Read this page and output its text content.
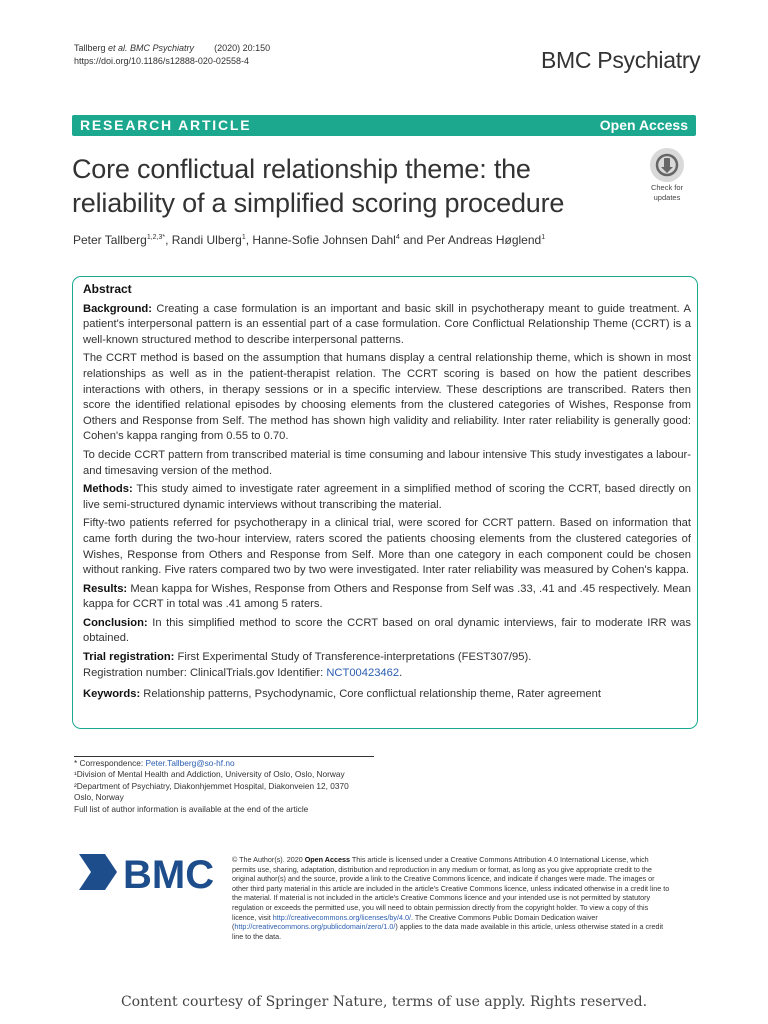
Tallberg et al. BMC Psychiatry (2020) 20:150
https://doi.org/10.1186/s12888-020-02558-4	BMC Psychiatry
RESEARCH ARTICLE	Open Access
Core conflictual relationship theme: the reliability of a simplified scoring procedure
Check for
updates
Peter Tallberg$^{1,2,3*}$, Randi Ulberg$^1$, Hanne-Sofie Johnsen Dahl$^4$ and Per Andreas Høglend$^1$
Abstract

Background: Creating a case formulation is an important and basic skill in psychotherapy meant to guide treatment. A patient's interpersonal pattern is an essential part of a case formulation. Core Conflictual Relationship Theme (CCRT) is a well-known structured method to describe interpersonal patterns.

The CCRT method is based on the assumption that humans display a central relationship theme, which is shown in most relationships as well as in the patient-therapist relation. The CCRT scoring is based on how the patient describes interactions with others, in therapy sessions or in a specific interview. These descriptions are transcribed. Raters then score the identified relational episodes by choosing elements from the clustered categories of Wishes, Response from Others and Response from Self. The method has shown high validity and reliability. Inter rater reliability is generally good: Cohen's kappa ranging from 0.55 to 0.70.

To decide CCRT pattern from transcribed material is time consuming and labour intensive This study investigates a labour- and timesaving version of the method.

Methods: This study aimed to investigate rater agreement in a simplified method of scoring the CCRT, based directly on live semi-structured dynamic interviews without transcribing the material.

Fifty-two patients referred for psychotherapy in a clinical trial, were scored for CCRT pattern. Based on information that came forth during the two-hour interview, raters scored the patients choosing elements from the clustered categories of Wishes, Response from Others and Response from Self. More than one category in each component could be chosen without ranking. Five raters compared two by two were investigated. Inter rater reliability was measured by Cohen's kappa.

Results: Mean kappa for Wishes, Response from Others and Response from Self was .33, .41 and .45 respectively. Mean kappa for CCRT in total was .41 among 5 raters.

Conclusion: In this simplified method to score the CCRT based on oral dynamic interviews, fair to moderate IRR was obtained.

Trial registration: First Experimental Study of Transference-interpretations (FEST307/95).
Registration number: ClinicalTrials.gov Identifier: NCT00423462.

Keywords: Relationship patterns, Psychodynamic, Core conflictual relationship theme, Rater agreement

* Correspondence: Peter.Tallberg@so-hf.no
¹Division of Mental Health and Addiction, University of Oslo, Oslo, Norway
²Department of Psychiatry, Diakonhjemmet Hospital, Diakonveien 12, 0370
Oslo, Norway
Full list of author information is available at the end of the article
BMC © The Author(s). 2020 Open Access This article is licensed under a Creative Commons Attribution 4.0 International License, which permits use, sharing, adaptation, distribution and reproduction in any medium or format, as long as you give appropriate credit to the original author(s) and the source, provide a link to the Creative Commons licence, and indicate if changes were made. The images or other third party material in this article are included in the article's Creative Commons licence, unless indicated otherwise in a credit line to the material. If material is not included in the article's Creative Commons licence and your intended use is not permitted by statutory regulation or exceeds the permitted use, you will need to obtain permission directly from the copyright holder. To view a copy of this licence, visit http://creativecommons.org/licenses/by/4.0/. The Creative Commons Public Domain Dedication waiver (http://creativecommons.org/publicdomain/zero/1.0/) applies to the data made available in this article, unless otherwise stated in a credit line to the data.
Content courtesy of Springer Nature, terms of use apply. Rights reserved.
